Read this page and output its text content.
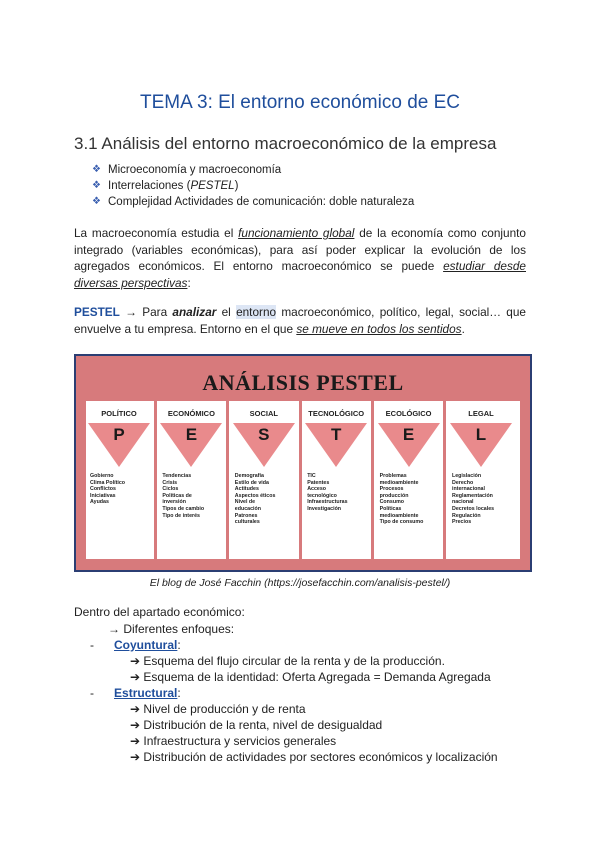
TEMA 3: El entorno económico de EC
3.1 Análisis del entorno macroeconómico de la empresa
❖ Microeconomía y macroeconomía
❖ Interrelaciones ( PESTEL )
❖ Complejidad Actividades de comunicación: doble naturaleza

La macroeconomía estudia el funcionamiento global de la economía como conjunto integrado (variables económicas), para así poder explicar la evolución de los agregados económicos. El entorno macroeconómico se puede estudiar desde diversas perspectivas:

PESTEL → Para analizar el entorno macroeconómico, político, legal, social… que envuelve a tu empresa. Entorno en el que se mueve en todos los sentidos.

ANÁLISIS PESTEL
POLÍTICO
P
Gobierno
Clima Político
Conflictos
Iniciativas
Ayudas
ECONÓMICO
E
Tendencias
Crisis
Ciclos
Políticas de
inversión
Tipos de cambio
Tipo de interés
SOCIAL
S
Demografía
Estilo de vida
Actitudes
Aspectos éticos
Nivel de
educación
Patrones
culturales
TECNOLÓGICO
T
TIC
Patentes
Acceso
tecnológico
Infraestructuras
Investigación
ECOLÓGICO
E
Problemas
medioambiente
Procesos
producción
Consumo
Políticas
medioambiente
Tipo de consumo
LEGAL
L
Legislación
Derecho
internacional
Reglamentación
nacional
Decretos locales
Regulación
Precios
El blog de José Facchin (https://josefacchin.com/analisis-pestel/)
Dentro del apartado económico:
→ Diferentes enfoques:
- Coyuntural:
➔ Esquema del flujo circular de la renta y de la producción.
➔ Esquema de la identidad: Oferta Agregada = Demanda Agregada
- Estructural:
➔ Nivel de producción y de renta
➔ Distribución de la renta, nivel de desigualdad
➔ Infraestructura y servicios generales
➔ Distribución de actividades por sectores económicos y localización
